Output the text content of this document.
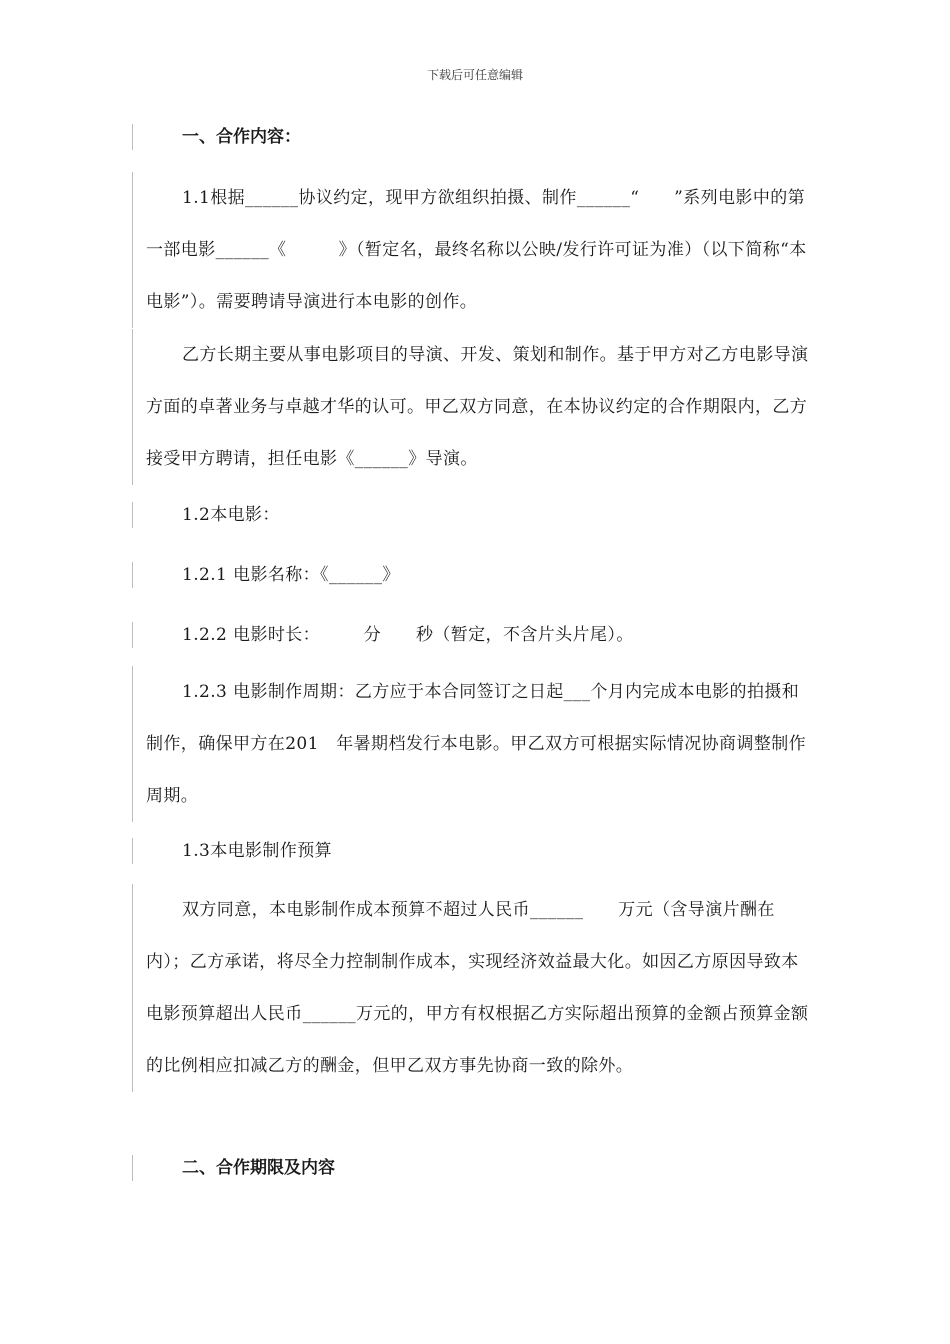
下载后可任意编辑

一、合作内容：

1.1根据______协议约定，现甲方欲组织拍摄、制作______“　　”系列电影中的第一部电影______《　　　》（暂定名，最终名称以公映/发行许可证为准）（以下简称“本电影”）。需要聘请导演进行本电影的创作。

乙方长期主要从事电影项目的导演、开发、策划和制作。基于甲方对乙方电影导演方面的卓著业务与卓越才华的认可。甲乙双方同意，在本协议约定的合作期限内，乙方接受甲方聘请，担任电影《______》导演。

1.2本电影：

1.2.1 电影名称：《______》

1.2.2 电影时长：　　　分　　秒（暂定，不含片头片尾）。

1.2.3 电影制作周期：乙方应于本合同签订之日起___个月内完成本电影的拍摄和制作，确保甲方在201　年暑期档发行本电影。甲乙双方可根据实际情况协商调整制作周期。

1.3本电影制作预算

双方同意，本电影制作成本预算不超过人民币______　　万元（含导演片酬在内）；乙方承诺，将尽全力控制制作成本，实现经济效益最大化。如因乙方原因导致本电影预算超出人民币______万元的，甲方有权根据乙方实际超出预算的金额占预算金额的比例相应扣减乙方的酬金，但甲乙双方事先协商一致的除外。

二、合作期限及内容
